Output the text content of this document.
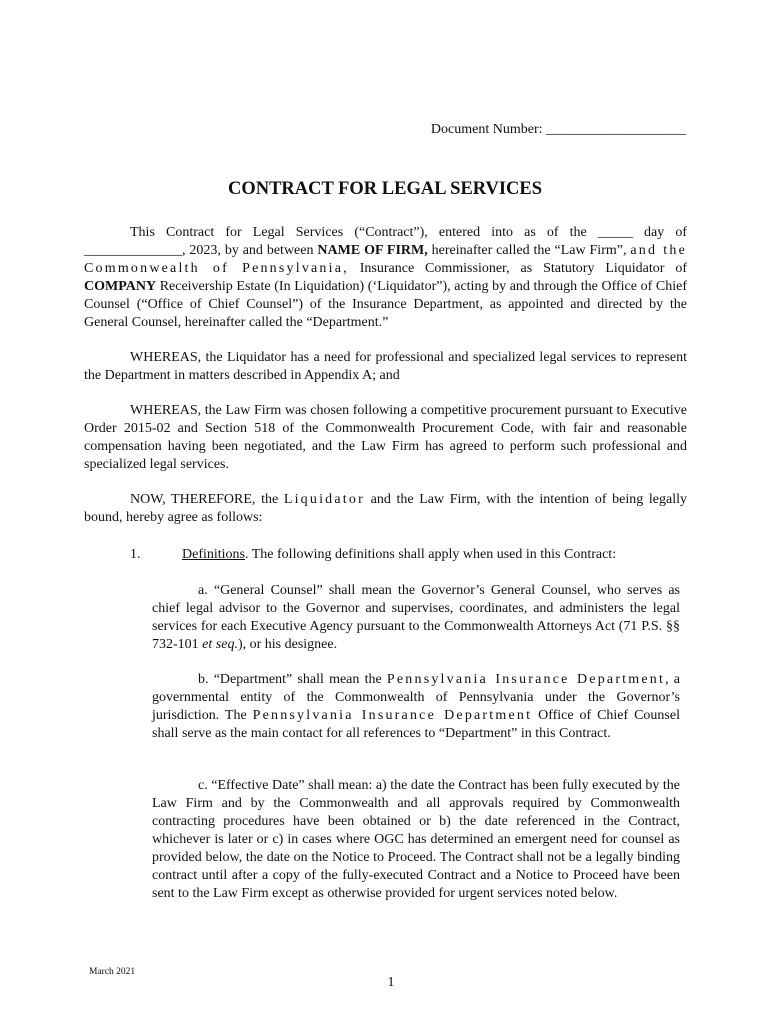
Document Number: ____________________
CONTRACT FOR LEGAL SERVICES
This Contract for Legal Services (“Contract”), entered into as of the _____ day of ______________, 2023, by and between NAME OF FIRM, hereinafter called the “Law Firm”, and the Commonwealth of Pennsylvania, Insurance Commissioner, as Statutory Liquidator of COMPANY Receivership Estate (In Liquidation) (‘Liquidator”), acting by and through the Office of Chief Counsel (“Office of Chief Counsel”) of the Insurance Department, as appointed and directed by the General Counsel, hereinafter called the “Department.”
WHEREAS, the Liquidator has a need for professional and specialized legal services to represent the Department in matters described in Appendix A; and
WHEREAS, the Law Firm was chosen following a competitive procurement pursuant to Executive Order 2015-02 and Section 518 of the Commonwealth Procurement Code, with fair and reasonable compensation having been negotiated, and the Law Firm has agreed to perform such professional and specialized legal services.
NOW, THEREFORE, the Liquidator and the Law Firm, with the intention of being legally bound, hereby agree as follows:
1.	Definitions. The following definitions shall apply when used in this Contract:
a. “General Counsel” shall mean the Governor’s General Counsel, who serves as chief legal advisor to the Governor and supervises, coordinates, and administers the legal services for each Executive Agency pursuant to the Commonwealth Attorneys Act (71 P.S. §§ 732-101 et seq.), or his designee.
b. “Department” shall mean the Pennsylvania Insurance Department, a governmental entity of the Commonwealth of Pennsylvania under the Governor’s jurisdiction. The Pennsylvania Insurance Department Office of Chief Counsel shall serve as the main contact for all references to “Department” in this Contract.
c. “Effective Date” shall mean: a) the date the Contract has been fully executed by the Law Firm and by the Commonwealth and all approvals required by Commonwealth contracting procedures have been obtained or b) the date referenced in the Contract, whichever is later or c) in cases where OGC has determined an emergent need for counsel as provided below, the date on the Notice to Proceed. The Contract shall not be a legally binding contract until after a copy of the fully-executed Contract and a Notice to Proceed have been sent to the Law Firm except as otherwise provided for urgent services noted below.
March 2021
1
